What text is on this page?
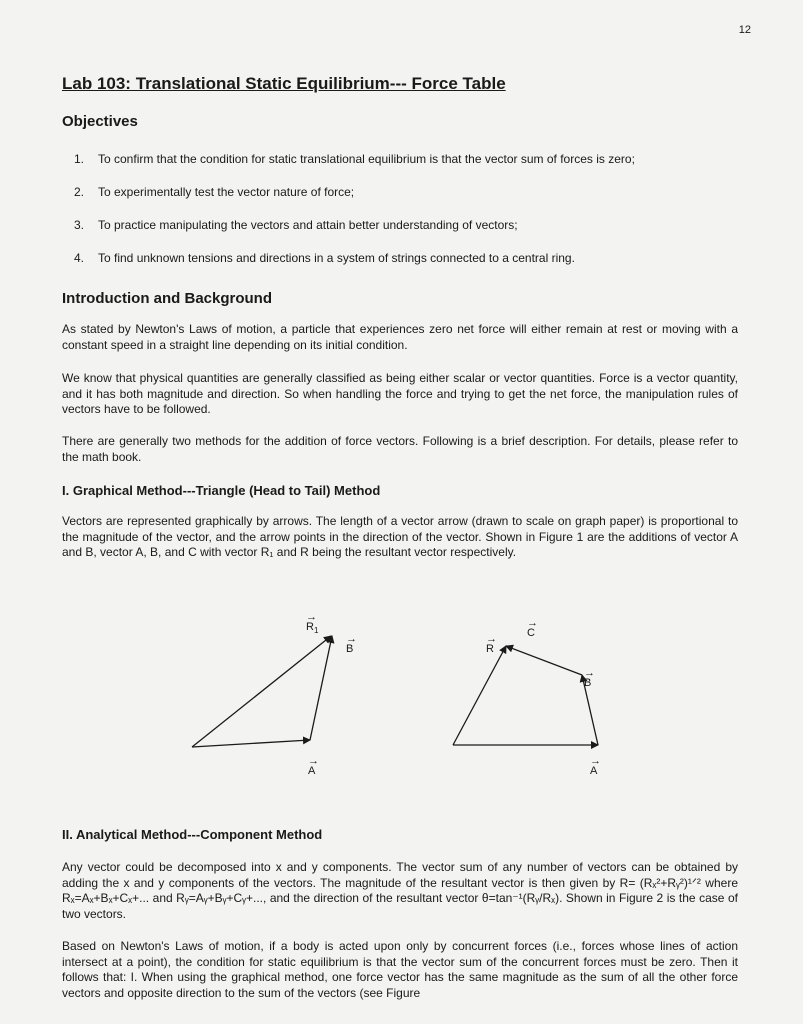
12
Lab 103: Translational Static Equilibrium--- Force Table
Objectives
1.	To confirm that the condition for static translational equilibrium is that the vector sum of forces is zero;
2.	To experimentally test the vector nature of force;
3.	To practice manipulating the vectors and attain better understanding of vectors;
4.	To find unknown tensions and directions in a system of strings connected to a central ring.
Introduction and Background

As stated by Newton's Laws of motion, a particle that experiences zero net force will either remain at rest or moving with a constant speed in a straight line depending on its initial condition.

We know that physical quantities are generally classified as being either scalar or vector quantities. Force is a vector quantity, and it has both magnitude and direction. So when handling the force and trying to get the net force, the manipulation rules of vectors have to be followed.

There are generally two methods for the addition of force vectors. Following is a brief description. For details, please refer to the math book.

I. Graphical Method---Triangle (Head to Tail) Method

Vectors are represented graphically by arrows. The length of a vector arrow (drawn to scale on graph paper) is proportional to the magnitude of the vector, and the arrow points in the direction of the vector. Shown in Figure 1 are the additions of vector A and B, vector A, B, and C with vector R₁ and R being the resultant vector respectively.

$R_1$
→
B
→
A
→
C
→
R
→
B
→
A
→
II. Analytical Method---Component Method

Any vector could be decomposed into x and y components. The vector sum of any number of vectors can be obtained by adding the x and y components of the vectors. The magnitude of the resultant vector is then given by R= (Rₓ²+Rᵧ²)¹ᐟ² where Rₓ=Aₓ+Bₓ+Cₓ+... and Rᵧ=Aᵧ+Bᵧ+Cᵧ+..., and the direction of the resultant vector θ=tan⁻¹(Rᵧ/Rₓ). Shown in Figure 2 is the case of two vectors.

Based on Newton's Laws of motion, if a body is acted upon only by concurrent forces (i.e., forces whose lines of action intersect at a point), the condition for static equilibrium is that the vector sum of the concurrent forces must be zero. Then it follows that: I. When using the graphical method, one force vector has the same magnitude as the sum of all the other force vectors and opposite direction to the sum of the vectors (see Figure
